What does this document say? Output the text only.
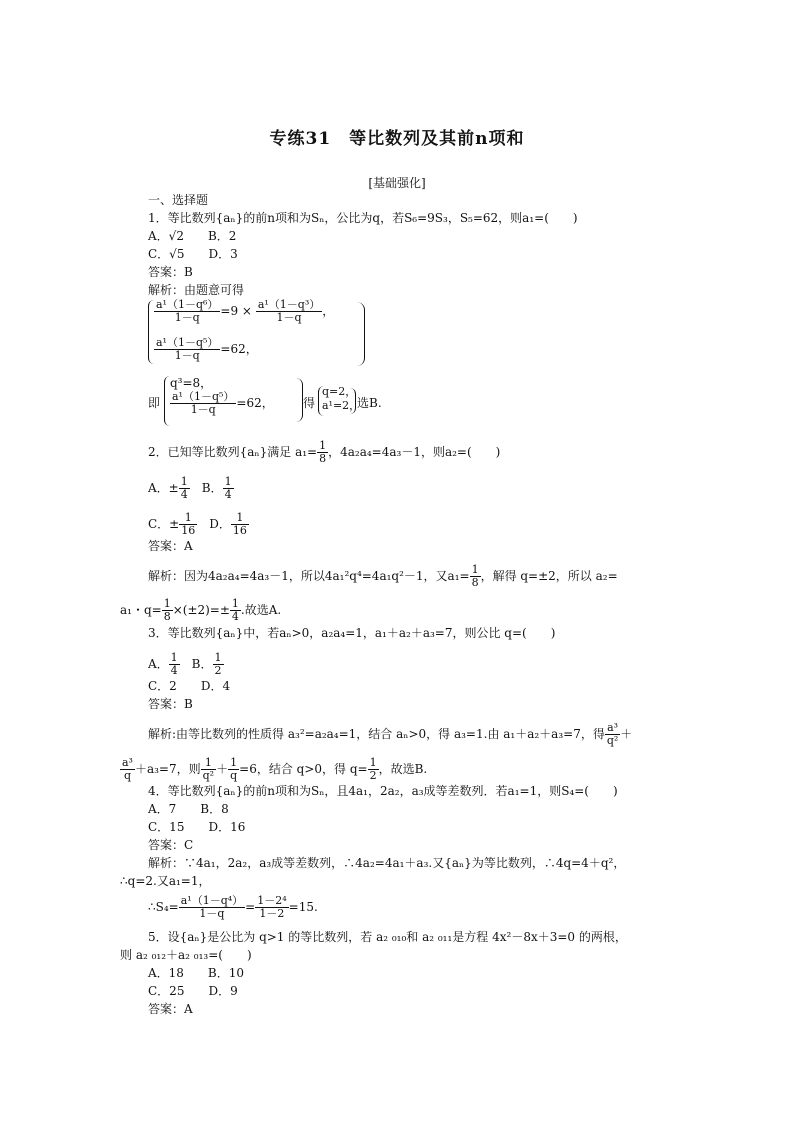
专练31　等比数列及其前n项和
[基础强化]
一、选择题
1．等比数列{aₙ}的前n项和为Sₙ，公比为q，若S₆=9S₃，S₅=62，则a₁=(　　)
A．√2　　B．2
C．√5　　D．3
答案：B
解析：由题意可得
$\frac{\text{a¹（1－q⁶）}}{1-q} =9 \times \frac{\text{a¹（1－q³）}}{1-q}$ ，
$\frac{\text{a¹（1－q⁵）}}{1-q} =62$，
即
q³=8，
$\frac{\text{a¹（1－q⁵）}}{1-q} =62$， 得
q=2，
a¹=2，
选B.
2．已知等比数列{aₙ}满足 $a_1= \frac{1}{8}$ ，4a₂a₄=4a₃－1，则a₂=(　　)
A．± $\frac{1}{4}$ 　B． $\frac{1}{4}$
C．± $\frac{1}{16}$ 　D． $\frac{1}{16}$
答案：A
解析：因为4a₂a₄=4a₃－1，所以4a₁²q⁴=4a₁q²－1，又$a_1= \frac{1}{8}$ ，解得 q=±2，所以 a₂=
a₁・$q= \frac{1}{8} \times(\pm 2)=\pm \frac{1}{4}$ .故选A.
3．等比数列{aₙ}中，若aₙ>0，a₂a₄=1，a₁＋a₂＋a₃=7，则公比 q=(　　)
A． $\frac{1}{4}$ 　B． $\frac{1}{2}$
C．2　　D．4
答案：B
解析:由等比数列的性质得 a₃²=a₂a₄=1，结合 aₙ>0，得 a₃=1.由 a₁＋a₂＋a₃=7，得 $\frac{\text{a³}}{\text{q²}}$ ＋
$\frac{\text{a³}}{q} +a_3=7$，则 $\frac{1}{\text{q²}} + \frac{1}{q} =6$，结合 q>0，得 $q= \frac{1}{2}$ ，故选B.
4．等比数列{aₙ}的前n项和为Sₙ，且4a₁，2a₂，a₃成等差数列．若a₁=1，则S₄=(　　)
A．7　　B．8
C．15　　D．16
答案：C
解析：∵4a₁，2a₂，a₃成等差数列，∴4a₂=4a₁＋a₃.又{aₙ}为等比数列，∴4q=4＋q²，
∴q=2.又a₁=1，
∴S₄= $\frac{\text{a¹（1－q⁴）}}{1-q} = \frac{\text{1－2⁴}}{1-2} =15$.
5．设{aₙ}是公比为 q>1 的等比数列，若 a₂ ₀₁₀和 a₂ ₀₁₁是方程 4x²－8x＋3=0 的两根，
则 a₂ ₀₁₂＋a₂ ₀₁₃=(　　)
A．18　　B．10
C．25　　D．9
答案：A
